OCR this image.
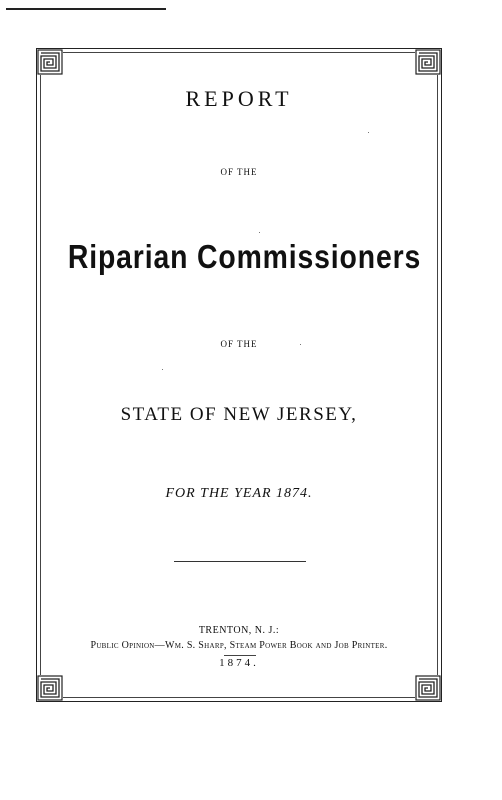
REPORT
OF THE
Riparian Commissioners
OF THE
STATE OF NEW JERSEY,
FOR THE YEAR 1874.
TRENTON, N. J.:
Public Opinion—Wm. S. Sharp, Steam Power Book and Job Printer.
1874.
